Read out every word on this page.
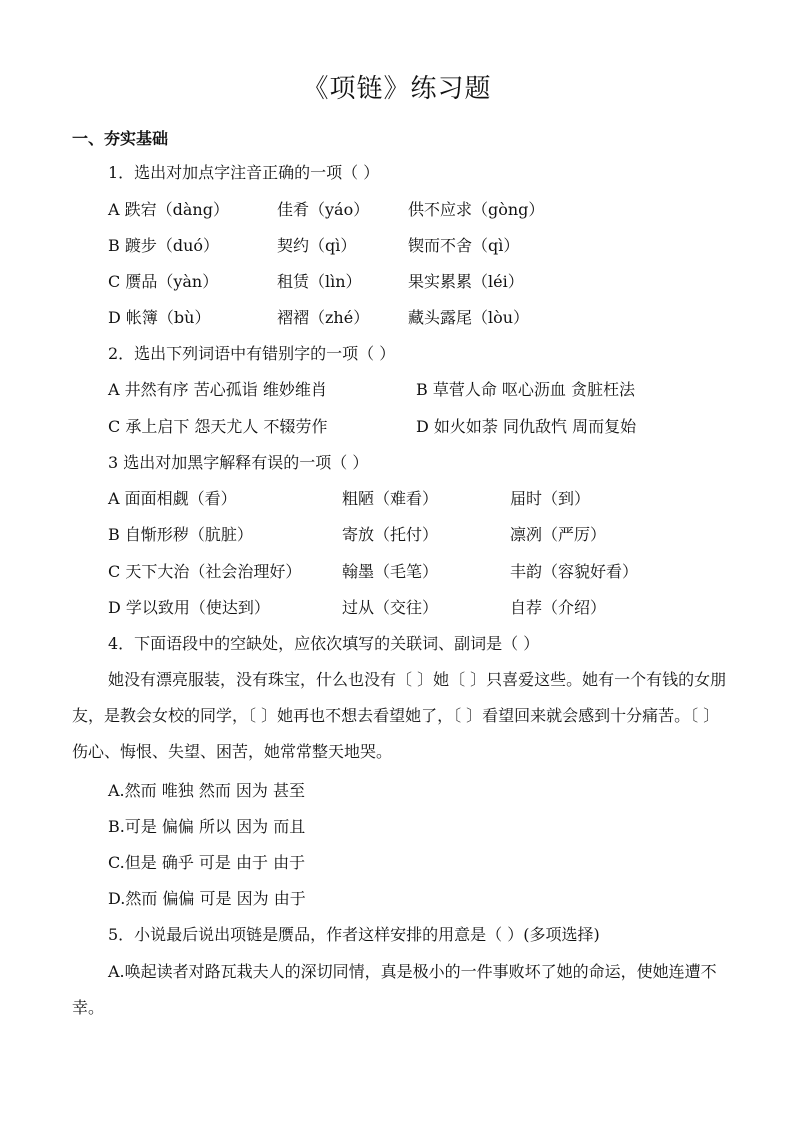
《项链》练习题
一、夯实基础
1．选出对加点字注音正确的一项（ ）
A 跌宕（dàng）	佳肴（yáo） 供不应求（gòng）
B 踱步（duó）	契约（qì）	锲而不舍（qì）
C 赝品（yàn）	租赁（lìn）	果实累累（léi）
D 帐簿（bù）	褶褶（zhé） 藏头露尾（lòu）
2．选出下列词语中有错别字的一项（ ）
A 井然有序 苦心孤诣 维妙维肖	B 草菅人命 呕心沥血 贪脏枉法
C 承上启下 怨天尤人 不辍劳作	D 如火如荼 同仇敌忾 周而复始
3 选出对加黑字解释有误的一项（ ）
A 面面相觑（看）	粗陋（难看）	届时（到）
B 自惭形秽（肮脏）	寄放（托付）	凛冽（严厉）
C 天下大治（社会治理好）	翰墨（毛笔）	丰韵（容貌好看）
D 学以致用（使达到）	过从（交往）	自荐（介绍）
4．下面语段中的空缺处，应依次填写的关联词、副词是（ ）
她没有漂亮服装，没有珠宝，什么也没有〔 〕她〔 〕只喜爱这些。她有一个有钱的女朋友，是教会女校的同学，〔 〕她再也不想去看望她了，〔 〕看望回来就会感到十分痛苦。〔 〕伤心、悔恨、失望、困苦，她常常整天地哭。
A.然而 唯独 然而 因为 甚至
B.可是 偏偏 所以 因为 而且
C.但是 确乎 可是 由于 由于
D.然而 偏偏 可是 因为 由于
5．小说最后说出项链是赝品，作者这样安排的用意是（ ）(多项选择)
A.唤起读者对路瓦栽夫人的深切同情，真是极小的一件事败坏了她的命运，使她连遭不幸。
